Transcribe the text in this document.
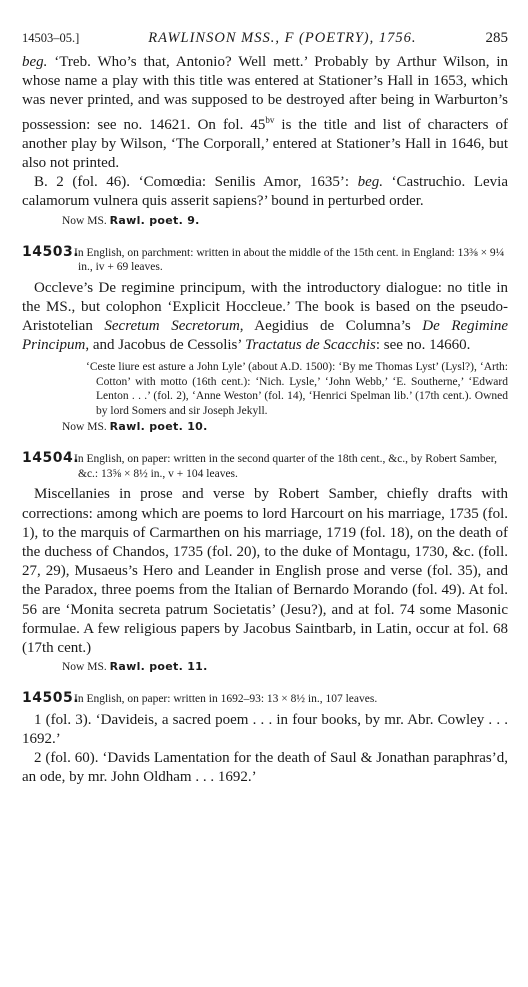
14503–05.]	RAWLINSON MSS., F (POETRY), 1756.	285

beg. ‘Treb. Who’s that, Antonio? Well mett.’ Probably by Arthur Wilson, in whose name a play with this title was entered at Stationer’s Hall in 1653, which was never printed, and was supposed to be destroyed after being in Warburton’s possession: see no. 14621. On fol. $45^{bv}$ is the title and list of characters of another play by Wilson, ‘The Corporall,’ entered at Stationer’s Hall in 1646, but also not printed.

B. 2 (fol. 46). ‘Comœdia: Senilis Amor, 1635’: beg. ‘Castruchio. Levia calamorum vulnera quis asserit sapiens?’ bound in perturbed order.

Now MS. Rawl. poet. 9.
14503.In English, on parchment: written in about the middle of the 15th cent. in England: 13⅜ × 9¼ in., iv + 69 leaves.

Occleve’s De regimine principum, with the introductory dialogue: no title in the MS., but colophon ‘Explicit Hoccleue.’ The book is based on the pseudo-Aristotelian Secretum Secretorum, Aegidius de Columna’s De Regimine Principum, and Jacobus de Cessolis’ Tractatus de Scacchis: see no. 14660.

‘Ceste liure est asture a John Lyle’ (about A.D. 1500): ‘By me Thomas Lyst’ (Lysl?), ‘Arth: Cotton’ with motto (16th cent.): ‘Nich. Lysle,’ ‘John Webb,’ ‘E. Southerne,’ ‘Edward Lenton . . .’ (fol. 2), ‘Anne Weston’ (fol. 14), ‘Henrici Spelman lib.’ (17th cent.). Owned by lord Somers and sir Joseph Jekyll.
Now MS. Rawl. poet. 10.
14504.In English, on paper: written in the second quarter of the 18th cent., &c., by Robert Samber, &c.: 13⅝ × 8½ in., v + 104 leaves.

Miscellanies in prose and verse by Robert Samber, chiefly drafts with corrections: among which are poems to lord Harcourt on his marriage, 1735 (fol. 1), to the marquis of Carmarthen on his marriage, 1719 (fol. 18), on the death of the duchess of Chandos, 1735 (fol. 20), to the duke of Montagu, 1730, &c. (foll. 27, 29), Musaeus’s Hero and Leander in English prose and verse (fol. 35), and the Paradox, three poems from the Italian of Bernardo Morando (fol. 49). At fol. 56 are ‘Monita secreta patrum Societatis’ (Jesu?), and at fol. 74 some Masonic formulae. A few religious papers by Jacobus Saintbarb, in Latin, occur at fol. 68 (17th cent.)

Now MS. Rawl. poet. 11.
14505.In English, on paper: written in 1692–93: 13 × 8½ in., 107 leaves.

1 (fol. 3). ‘Davideis, a sacred poem . . . in four books, by mr. Abr. Cowley . . . 1692.’

2 (fol. 60). ‘Davids Lamentation for the death of Saul & Jonathan paraphras’d, an ode, by mr. John Oldham . . . 1692.’
